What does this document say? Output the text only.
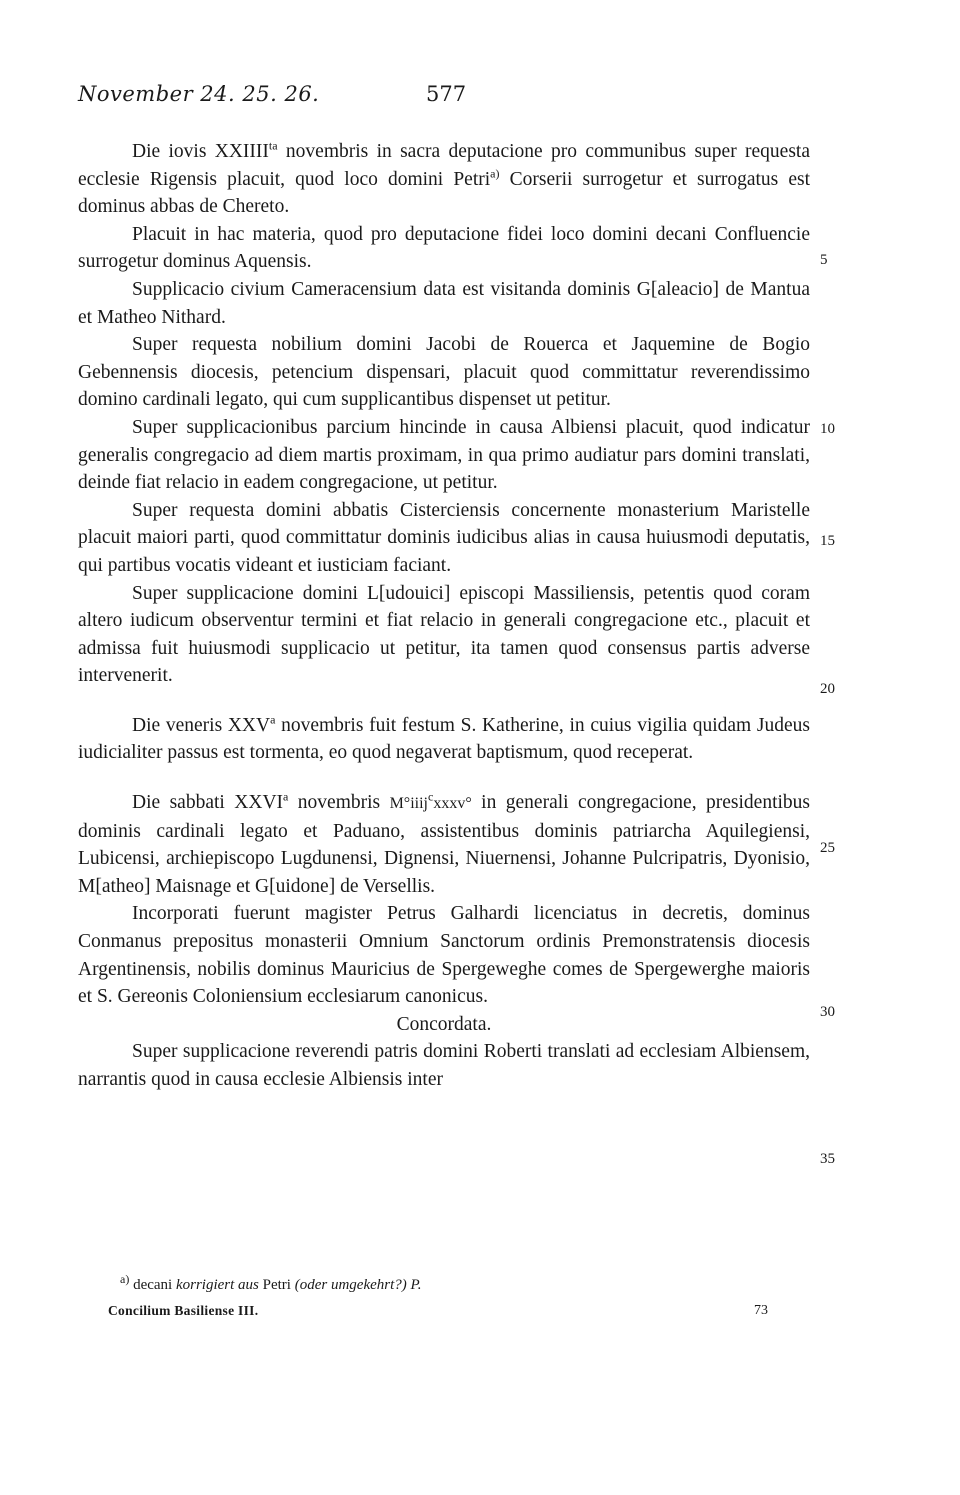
November 24. 25. 26.	577

Die iovis $XXIIII^{ta}$ novembris in sacra deputacione pro communibus super requesta ecclesie Rigensis placuit, quod loco domini Petri$^{a)}$ Corserii surrogetur et surrogatus est dominus abbas de Chereto.

Placuit in hac materia, quod pro deputacione fidei loco domini decani Confluencie surrogetur dominus Aquensis.

Supplicacio civium Cameracensium data est visitanda dominis G[aleacio] de Mantua et Matheo Nithard.

Super requesta nobilium domini Jacobi de Rouerca et Jaquemine de Bogio Gebennensis diocesis, petencium dispensari, placuit quod committatur reverendissimo domino cardinali legato, qui cum supplicantibus dispenset ut petitur.

Super supplicacionibus parcium hincinde in causa Albiensi placuit, quod indicatur generalis congregacio ad diem martis proximam, in qua primo audiatur pars domini translati, deinde fiat relacio in eadem congregacione, ut petitur.

Super requesta domini abbatis Cisterciensis concernente monasterium Maristelle placuit maiori parti, quod committatur dominis iudicibus alias in causa huiusmodi deputatis, qui partibus vocatis videant et iusticiam faciant.

Super supplicacione domini L[udouici] episcopi Massiliensis, petentis quod coram altero iudicum observentur termini et fiat relacio in generali congregacione etc., placuit et admissa fuit huiusmodi supplicacio ut petitur, ita tamen quod consensus partis adverse intervenerit.

Die veneris XXV$^a$ novembris fuit festum S. Katherine, in cuius vigilia quidam Judeus iudicialiter passus est tormenta, eo quod negaverat baptismum, quod receperat.

Die sabbati XXVI$^a$ novembris M°iiij$^c$xxxv° in generali congregacione, presidentibus dominis cardinali legato et Paduano, assistentibus dominis patriarcha Aquilegiensi, Lubicensi, archiepiscopo Lugdunensi, Dignensi, Niuernensi, Johanne Pulcripatris, Dyonisio, M[atheo] Maisnage et G[uidone] de Versellis.

Incorporati fuerunt magister Petrus Galhardi licenciatus in decretis, dominus Conmanus prepositus monasterii Omnium Sanctorum ordinis Premonstratensis diocesis Argentinensis, nobilis dominus Mauricius de Spergeweghe comes de Spergewerghe maioris et S. Gereonis Coloniensium ecclesiarum canonicus.

Concordata.

Super supplicacione reverendi patris domini Roberti translati ad ecclesiam Albiensem, narrantis quod in causa ecclesie Albiensis inter

5
10
15
20
25
30
35
$^{a)}$ decani korrigiert aus Petri (oder umgekehrt?) P.
Concilium Basiliense III.	73
